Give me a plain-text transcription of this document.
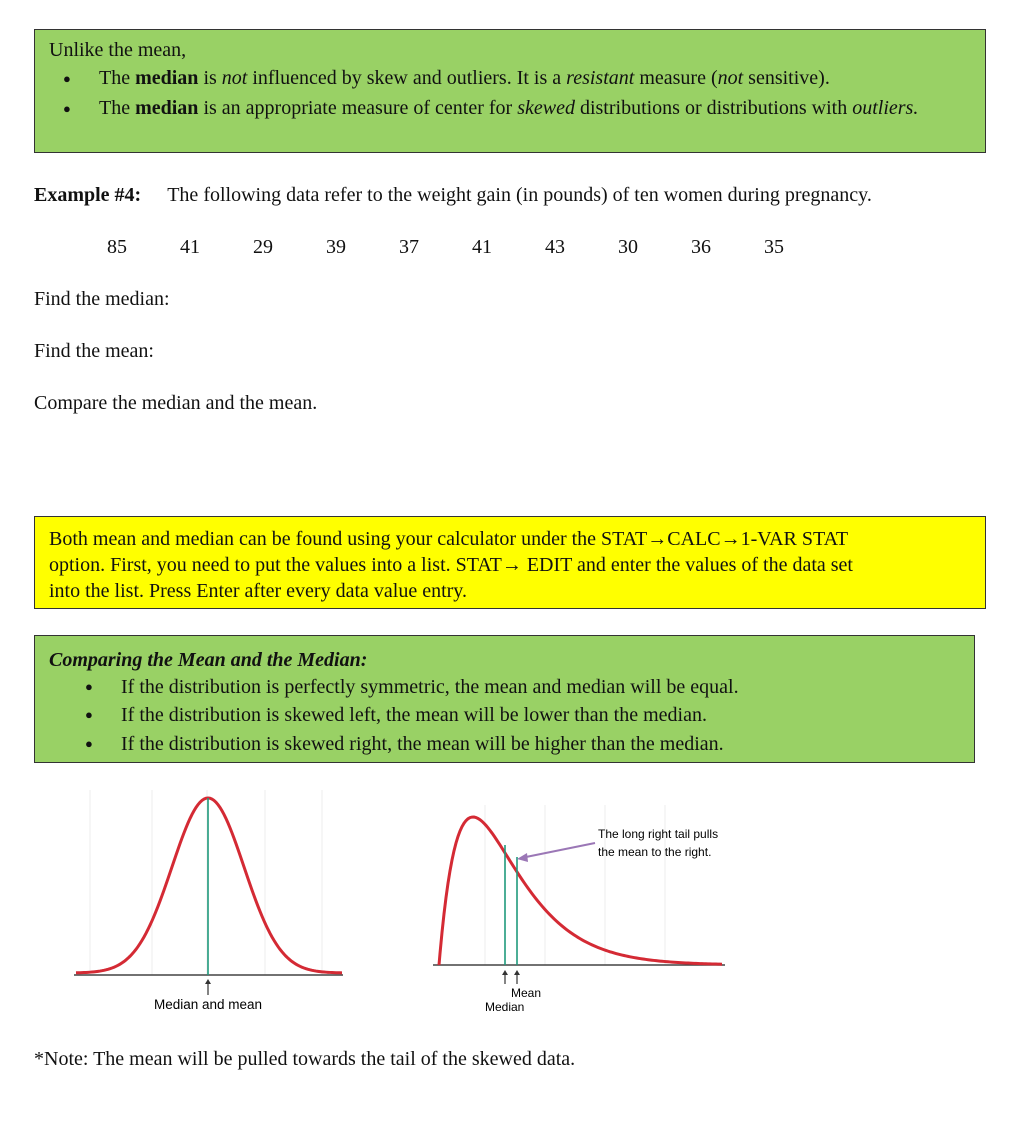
Unlike the mean,
● The median is not influenced by skew and outliers. It is a resistant measure (not sensitive).
● The median is an appropriate measure of center for skewed distributions or distributions with outliers.
Example #4: The following data refer to the weight gain (in pounds) of ten women during pregnancy.
85	41	29	39	37	41	43	30	36	35
Find the median:
Find the mean:
Compare the median and the mean.
Both mean and median can be found using your calculator under the STAT→CALC→1-VAR STAT
option. First, you need to put the values into a list. STAT→ EDIT and enter the values of the data set
into the list. Press Enter after every data value entry.
Comparing the Mean and the Median:
● If the distribution is perfectly symmetric, the mean and median will be equal.
● If the distribution is skewed left, the mean will be lower than the median.
● If the distribution is skewed right, the mean will be higher than the median.
Median and mean
Mean
Median
The long right tail pulls
the mean to the right.
*Note: The mean will be pulled towards the tail of the skewed data.
